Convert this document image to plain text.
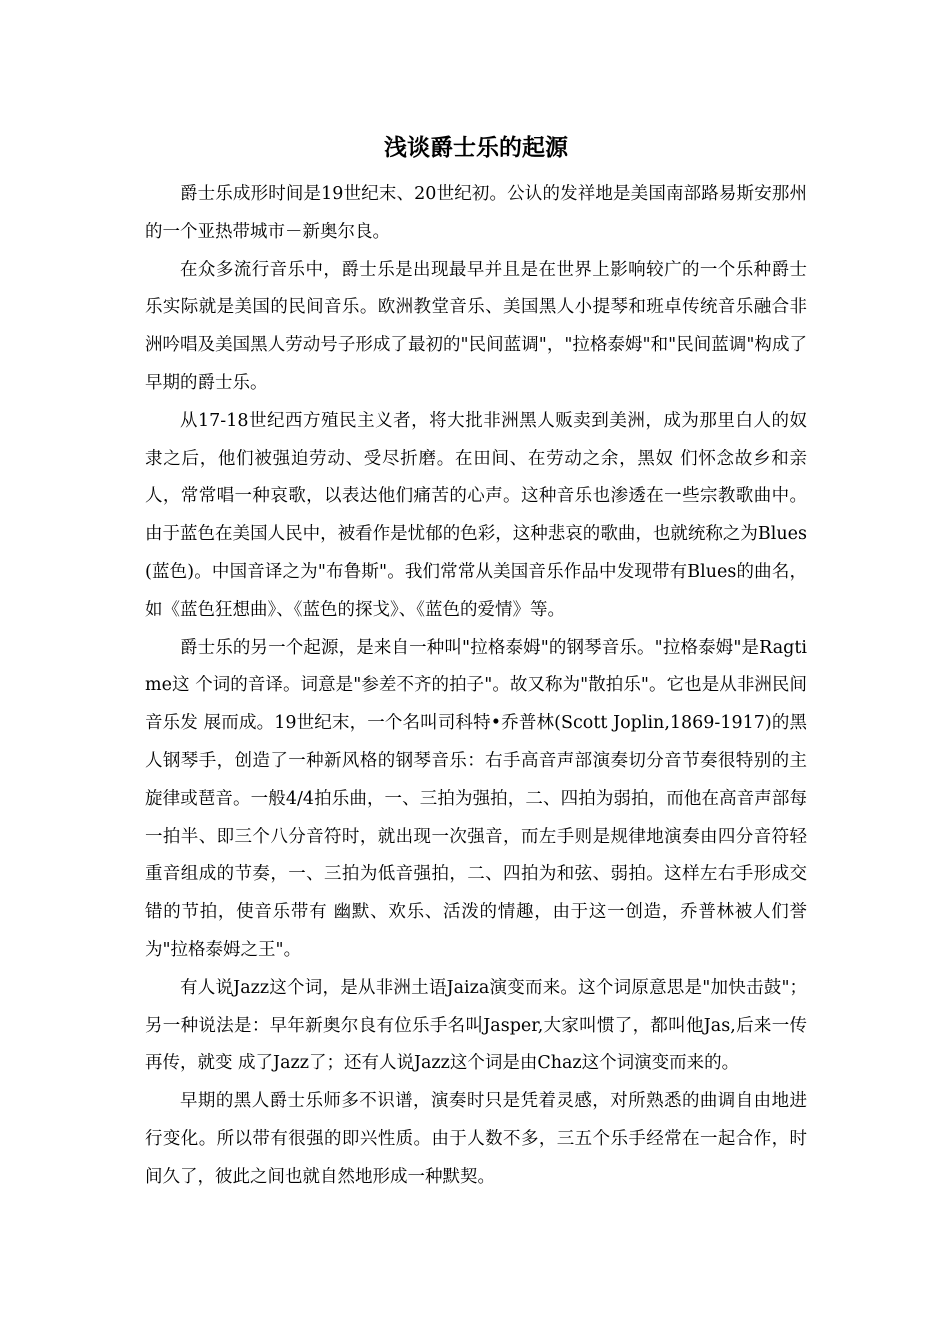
浅谈爵士乐的起源

爵士乐成形时间是19世纪末、20世纪初。公认的发祥地是美国南部路易斯安那州的一个亚热带城市－新奥尔良。

在众多流行音乐中，爵士乐是出现最早并且是在世界上影响较广的一个乐种爵士乐实际就是美国的民间音乐。欧洲教堂音乐、美国黑人小提琴和班卓传统音乐融合非洲吟唱及美国黑人劳动号子形成了最初的"民间蓝调"，"拉格泰姆"和"民间蓝调"构成了早期的爵士乐。

从17-18世纪西方殖民主义者，将大批非洲黑人贩卖到美洲，成为那里白人的奴隶之后，他们被强迫劳动、受尽折磨。在田间、在劳动之余，黑奴 们怀念故乡和亲人，常常唱一种哀歌，以表达他们痛苦的心声。这种音乐也渗透在一些宗教歌曲中。由于蓝色在美国人民中，被看作是忧郁的色彩，这种悲哀的歌曲，也就统称之为Blues(蓝色)。中国音译之为"布鲁斯"。我们常常从美国音乐作品中发现带有Blues的曲名，如《蓝色狂想曲》、《蓝色的探戈》、《蓝色的爱情》等。

爵士乐的另一个起源，是来自一种叫"拉格泰姆"的钢琴音乐。"拉格泰姆"是Ragtime这 个词的音译。词意是"参差不齐的拍子"。故又称为"散拍乐"。它也是从非洲民间音乐发 展而成。19世纪末，一个名叫司科特•乔普林(Scott Joplin,1869-1917)的黑人钢琴手，创造了一种新风格的钢琴音乐：右手高音声部演奏切分音节奏很特别的主旋律或琶音。一般4/4拍乐曲，一、三拍为强拍，二、四拍为弱拍，而他在高音声部每一拍半、即三个八分音符时，就出现一次强音，而左手则是规律地演奏由四分音符轻重音组成的节奏，一、三拍为低音强拍，二、四拍为和弦、弱拍。这样左右手形成交错的节拍，使音乐带有 幽默、欢乐、活泼的情趣，由于这一创造，乔普林被人们誉为"拉格泰姆之王"。

有人说Jazz这个词，是从非洲土语Jaiza演变而来。这个词原意思是"加快击鼓"；另一种说法是：早年新奥尔良有位乐手名叫Jasper,大家叫惯了，都叫他Jas,后来一传再传，就变 成了Jazz了；还有人说Jazz这个词是由Chaz这个词演变而来的。

早期的黑人爵士乐师多不识谱，演奏时只是凭着灵感，对所熟悉的曲调自由地进行变化。所以带有很强的即兴性质。由于人数不多，三五个乐手经常在一起合作，时间久了，彼此之间也就自然地形成一种默契。
